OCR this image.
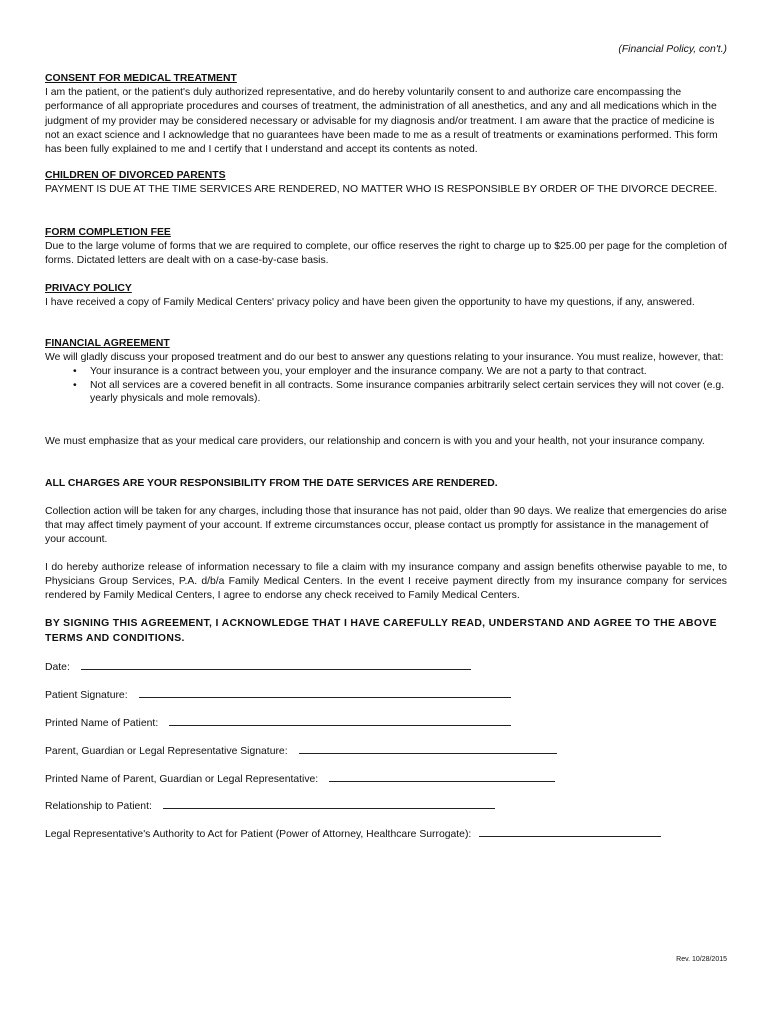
(Financial Policy, con't.)
CONSENT FOR MEDICAL TREATMENT

I am the patient, or the patient's duly authorized representative, and do hereby voluntarily consent to and authorize care encompassing the performance of all appropriate procedures and courses of treatment, the administration of all anesthetics, and any and all medications which in the judgment of my provider may be considered necessary or advisable for my diagnosis and/or treatment. I am aware that the practice of medicine is not an exact science and I acknowledge that no guarantees have been made to me as a result of treatments or examinations performed. This form has been fully explained to me and I certify that I understand and accept its contents as noted.

CHILDREN OF DIVORCED PARENTS

PAYMENT IS DUE AT THE TIME SERVICES ARE RENDERED, NO MATTER WHO IS RESPONSIBLE BY ORDER OF THE DIVORCE DECREE.

FORM COMPLETION FEE

Due to the large volume of forms that we are required to complete, our office reserves the right to charge up to $25.00 per page for the completion of forms. Dictated letters are dealt with on a case-by-case basis.

PRIVACY POLICY

I have received a copy of Family Medical Centers' privacy policy and have been given the opportunity to have my questions, if any, answered.

FINANCIAL AGREEMENT

We will gladly discuss your proposed treatment and do our best to answer any questions relating to your insurance. You must realize, however, that:

• Your insurance is a contract between you, your employer and the insurance company. We are not a party to that contract.
• Not all services are a covered benefit in all contracts. Some insurance companies arbitrarily select certain services they will not cover (e.g. yearly physicals and mole removals).

We must emphasize that as your medical care providers, our relationship and concern is with you and your health, not your insurance company.

ALL CHARGES ARE YOUR RESPONSIBILITY FROM THE DATE SERVICES ARE RENDERED.

Collection action will be taken for any charges, including those that insurance has not paid, older than 90 days. We realize that emergencies do arise that may affect timely payment of your account. If extreme circumstances occur, please contact us promptly for assistance in the management of your account.

I do hereby authorize release of information necessary to file a claim with my insurance company and assign benefits otherwise payable to me, to Physicians Group Services, P.A. d/b/a Family Medical Centers. In the event I receive payment directly from my insurance company for services rendered by Family Medical Centers, I agree to endorse any check received to Family Medical Centers.

BY SIGNING THIS AGREEMENT, I ACKNOWLEDGE THAT I HAVE CAREFULLY READ, UNDERSTAND AND AGREE TO THE ABOVE TERMS AND CONDITIONS.

Date:
Patient Signature:
Printed Name of Patient:
Parent, Guardian or Legal Representative Signature:
Printed Name of Parent, Guardian or Legal Representative:
Relationship to Patient:
Legal Representative's Authority to Act for Patient (Power of Attorney, Healthcare Surrogate):
Rev. 10/28/2015
